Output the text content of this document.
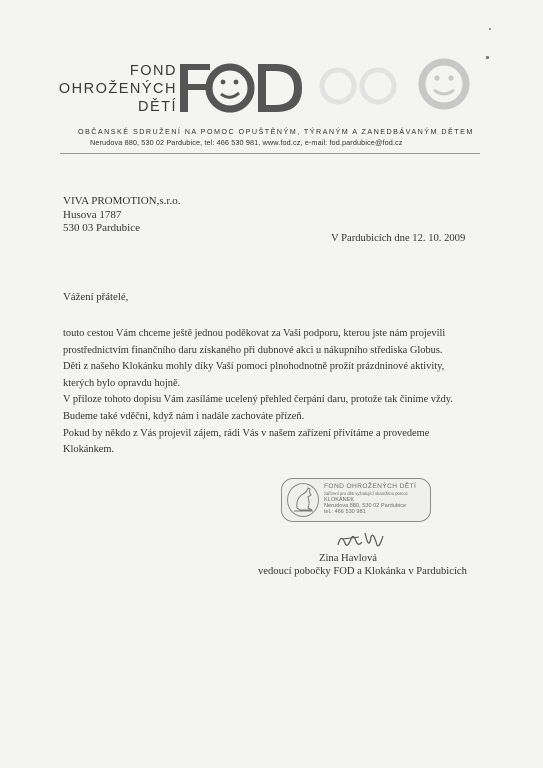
FOND
OHROŽENÝCH
DĚTÍ
OBČANSKÉ SDRUŽENÍ NA POMOC OPUŠTĚNÝM, TÝRANÝM A ZANEDBÁVANÝM DĚTEM
Nerudova 880, 530 02 Pardubice, tel: 466 530 981, www.fod.cz, e-mail: fod.pardubice@fod.cz
VIVA PROMOTION,s.r.o.
Husova 1787
530 03 Pardubice
V Pardubicích dne 12. 10. 2009
Vážení přátelé,
touto cestou Vám chceme ještě jednou poděkovat za Vaši podporu, kterou jste nám projevili
prostřednictvím finančního daru získaného při dubnové akci u nákupního střediska Globus.
Děti z našeho Klokánku mohly díky Vaší pomoci plnohodnotně prožít prázdninové aktivity,
kterých bylo opravdu hojně.
V příloze tohoto dopisu Vám zasíláme ucelený přehled čerpání daru, protože tak činíme vždy.
Budeme také vděčni, když nám i nadále zachováte přízeň.
Pokud by někdo z Vás projevil zájem, rádi Vás v našem zařízení přivítáme a provedeme
Klokánkem.
FOND OHROŽENÝCH DĚTÍ
zařízení pro děti vyžadující okamžitou pomoc
KLOKÁNEK
Nerudova 880, 530 02 Pardubice
tel.: 466 530 981
Zina Havlová
vedoucí pobočky FOD a Klokánka v Pardubicích
